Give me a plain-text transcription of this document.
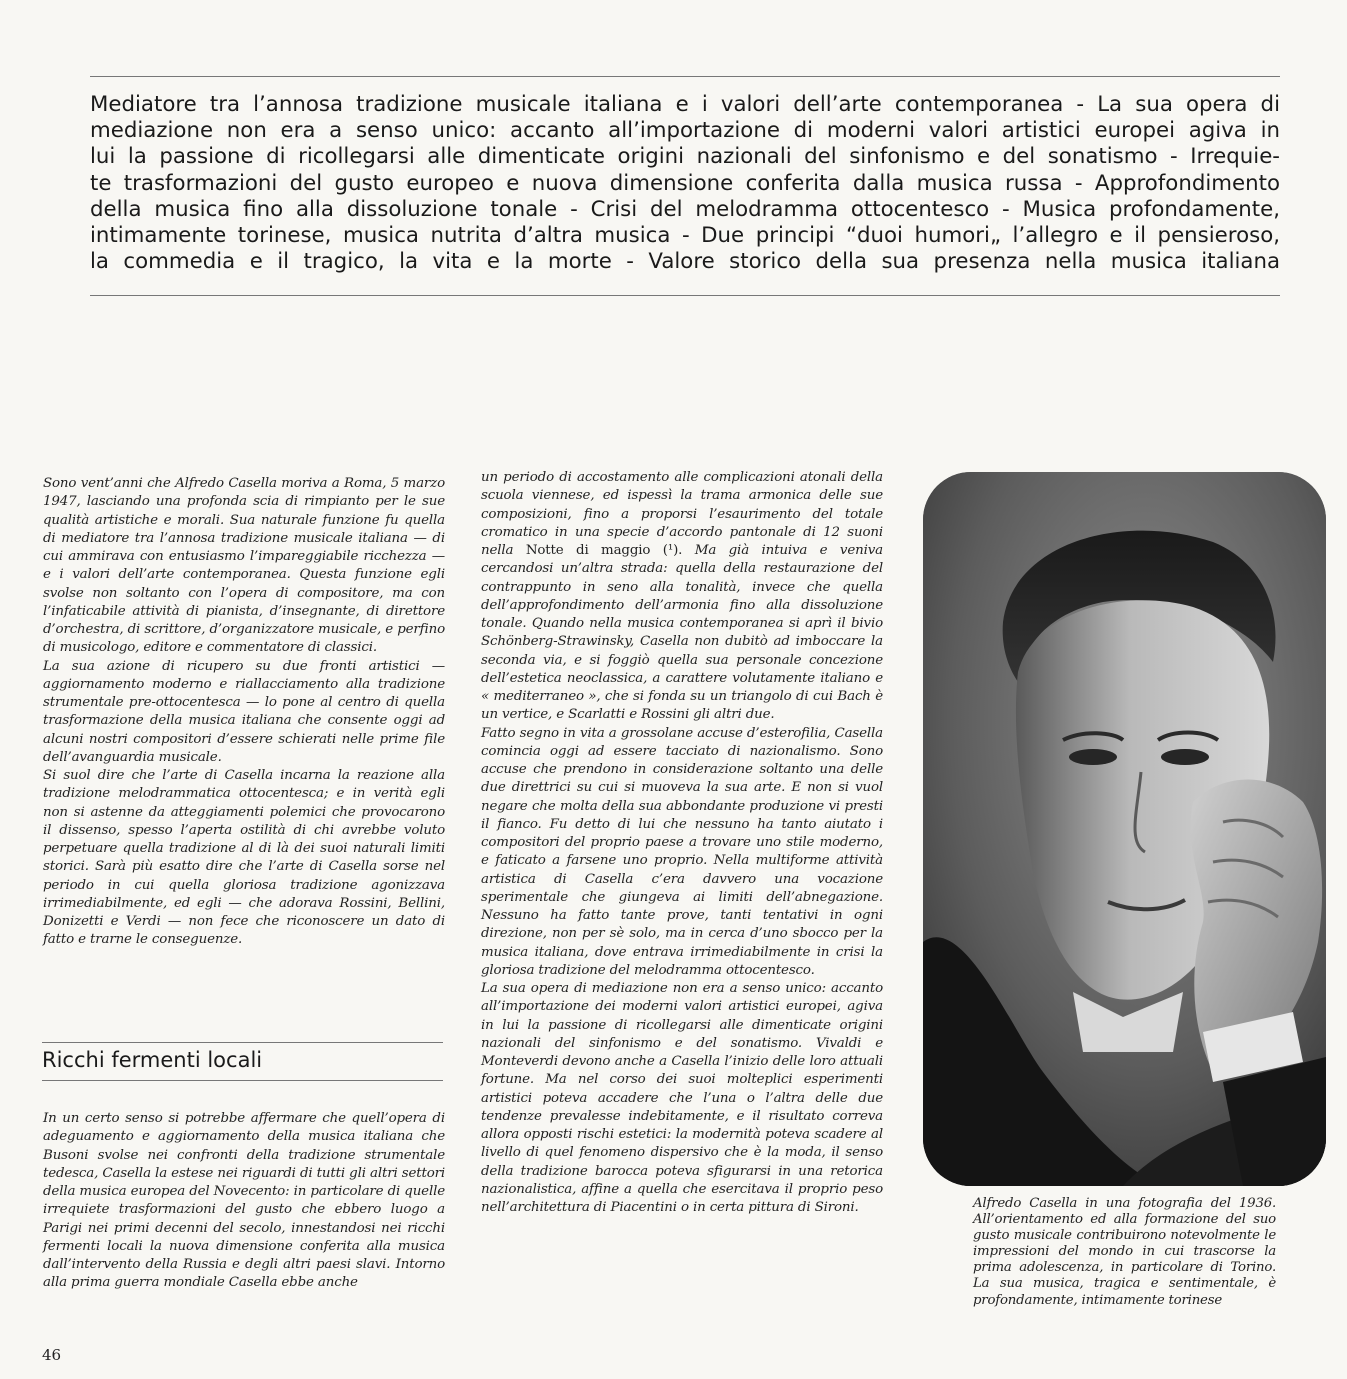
Mediatore tra l’annosa tradizione musicale italiana e i valori dell’arte contemporanea - La sua opera di
mediazione non era a senso unico: accanto all’importazione di moderni valori artistici europei agiva in
lui la passione di ricollegarsi alle dimenticate origini nazionali del sinfonismo e del sonatismo - Irrequie-
te trasformazioni del gusto europeo e nuova dimensione conferita dalla musica russa - Approfondimento
della musica fino alla dissoluzione tonale - Crisi del melodramma ottocentesco - Musica profondamente,
intimamente torinese, musica nutrita d’altra musica - Due principi “duoi humori„ l’allegro e il pensieroso,
la commedia e il tragico, la vita e la morte - Valore storico della sua presenza nella musica italiana

Sono vent’anni che Alfredo Casella moriva a Roma, 5 marzo 1947, lasciando una profonda scia di rimpianto per le sue qualità artistiche e morali. Sua naturale funzione fu quella di mediatore tra l’annosa tradizione musicale italiana — di cui ammirava con entusiasmo l’impareggiabile ricchezza — e i valori dell’arte contemporanea. Questa funzione egli svolse non soltanto con l’opera di compositore, ma con l’infaticabile attività di pianista, d’insegnante, di direttore d’orchestra, di scrittore, d’organizzatore musicale, e perfino di musicologo, editore e commentatore di classici.

La sua azione di ricupero su due fronti artistici — aggiornamento moderno e riallacciamento alla tradizione strumentale pre-ottocentesca — lo pone al centro di quella trasformazione della musica italiana che consente oggi ad alcuni nostri compositori d’essere schierati nelle prime file dell’avanguardia musicale.

Si suol dire che l’arte di Casella incarna la reazione alla tradizione melodrammatica ottocentesca; e in verità egli non si astenne da atteggiamenti polemici che provocarono il dissenso, spesso l’aperta ostilità di chi avrebbe voluto perpetuare quella tradizione al di là dei suoi naturali limiti storici. Sarà più esatto dire che l’arte di Casella sorse nel periodo in cui quella gloriosa tradizione agonizzava irrimediabilmente, ed egli — che adorava Rossini, Bellini, Donizetti e Verdi — non fece che riconoscere un dato di fatto e trarne le conseguenze.

Ricchi fermenti locali

In un certo senso si potrebbe affermare che quell’opera di adeguamento e aggiornamento della musica italiana che Busoni svolse nei confronti della tradizione strumentale tedesca, Casella la estese nei riguardi di tutti gli altri settori della musica europea del Novecento: in particolare di quelle irrequiete trasformazioni del gusto che ebbero luogo a Parigi nei primi decenni del secolo, innestandosi nei ricchi fermenti locali la nuova dimensione conferita alla musica dall’intervento della Russia e degli altri paesi slavi. Intorno alla prima guerra mondiale Casella ebbe anche

un periodo di accostamento alle complicazioni atonali della scuola viennese, ed ispessì la trama armonica delle sue composizioni, fino a proporsi l’esaurimento del totale cromatico in una specie d’accordo pantonale di 12 suoni nella Notte di maggio (¹). Ma già intuiva e veniva cercandosi un’altra strada: quella della restaurazione del contrappunto in seno alla tonalità, invece che quella dell’approfondimento dell’armonia fino alla dissoluzione tonale. Quando nella musica contemporanea si aprì il bivio Schönberg-Strawinsky, Casella non dubitò ad imboccare la seconda via, e si foggiò quella sua personale concezione dell’estetica neoclassica, a carattere volutamente italiano e « mediterraneo », che si fonda su un triangolo di cui Bach è un vertice, e Scarlatti e Rossini gli altri due.

Fatto segno in vita a grossolane accuse d’esterofilia, Casella comincia oggi ad essere tacciato di nazionalismo. Sono accuse che prendono in considerazione soltanto una delle due direttrici su cui si muoveva la sua arte. E non si vuol negare che molta della sua abbondante produzione vi presti il fianco. Fu detto di lui che nessuno ha tanto aiutato i compositori del proprio paese a trovare uno stile moderno, e faticato a farsene uno proprio. Nella multiforme attività artistica di Casella c’era davvero una vocazione sperimentale che giungeva ai limiti dell’abnegazione. Nessuno ha fatto tante prove, tanti tentativi in ogni direzione, non per sè solo, ma in cerca d’uno sbocco per la musica italiana, dove entrava irrimediabilmente in crisi la gloriosa tradizione del melodramma ottocentesco.

La sua opera di mediazione non era a senso unico: accanto all’importazione dei moderni valori artistici europei, agiva in lui la passione di ricollegarsi alle dimenticate origini nazionali del sinfonismo e del sonatismo. Vivaldi e Monteverdi devono anche a Casella l’inizio delle loro attuali fortune. Ma nel corso dei suoi molteplici esperimenti artistici poteva accadere che l’una o l’altra delle due tendenze prevalesse indebitamente, e il risultato correva allora opposti rischi estetici: la modernità poteva scadere al livello di quel fenomeno dispersivo che è la moda, il senso della tradizione barocca poteva sfigurarsi in una retorica nazionalistica, affine a quella che esercitava il proprio peso nell’architettura di Piacentini o in certa pittura di Sironi.	Alfredo Casella in una fotografia del 1936. All’orientamento ed alla formazione del suo gusto musicale contribuirono notevolmente le impressioni del mondo in cui trascorse la prima adolescenza, in particolare di Torino. La sua musica, tragica e sentimentale, è profondamente, intimamente torinese
46
